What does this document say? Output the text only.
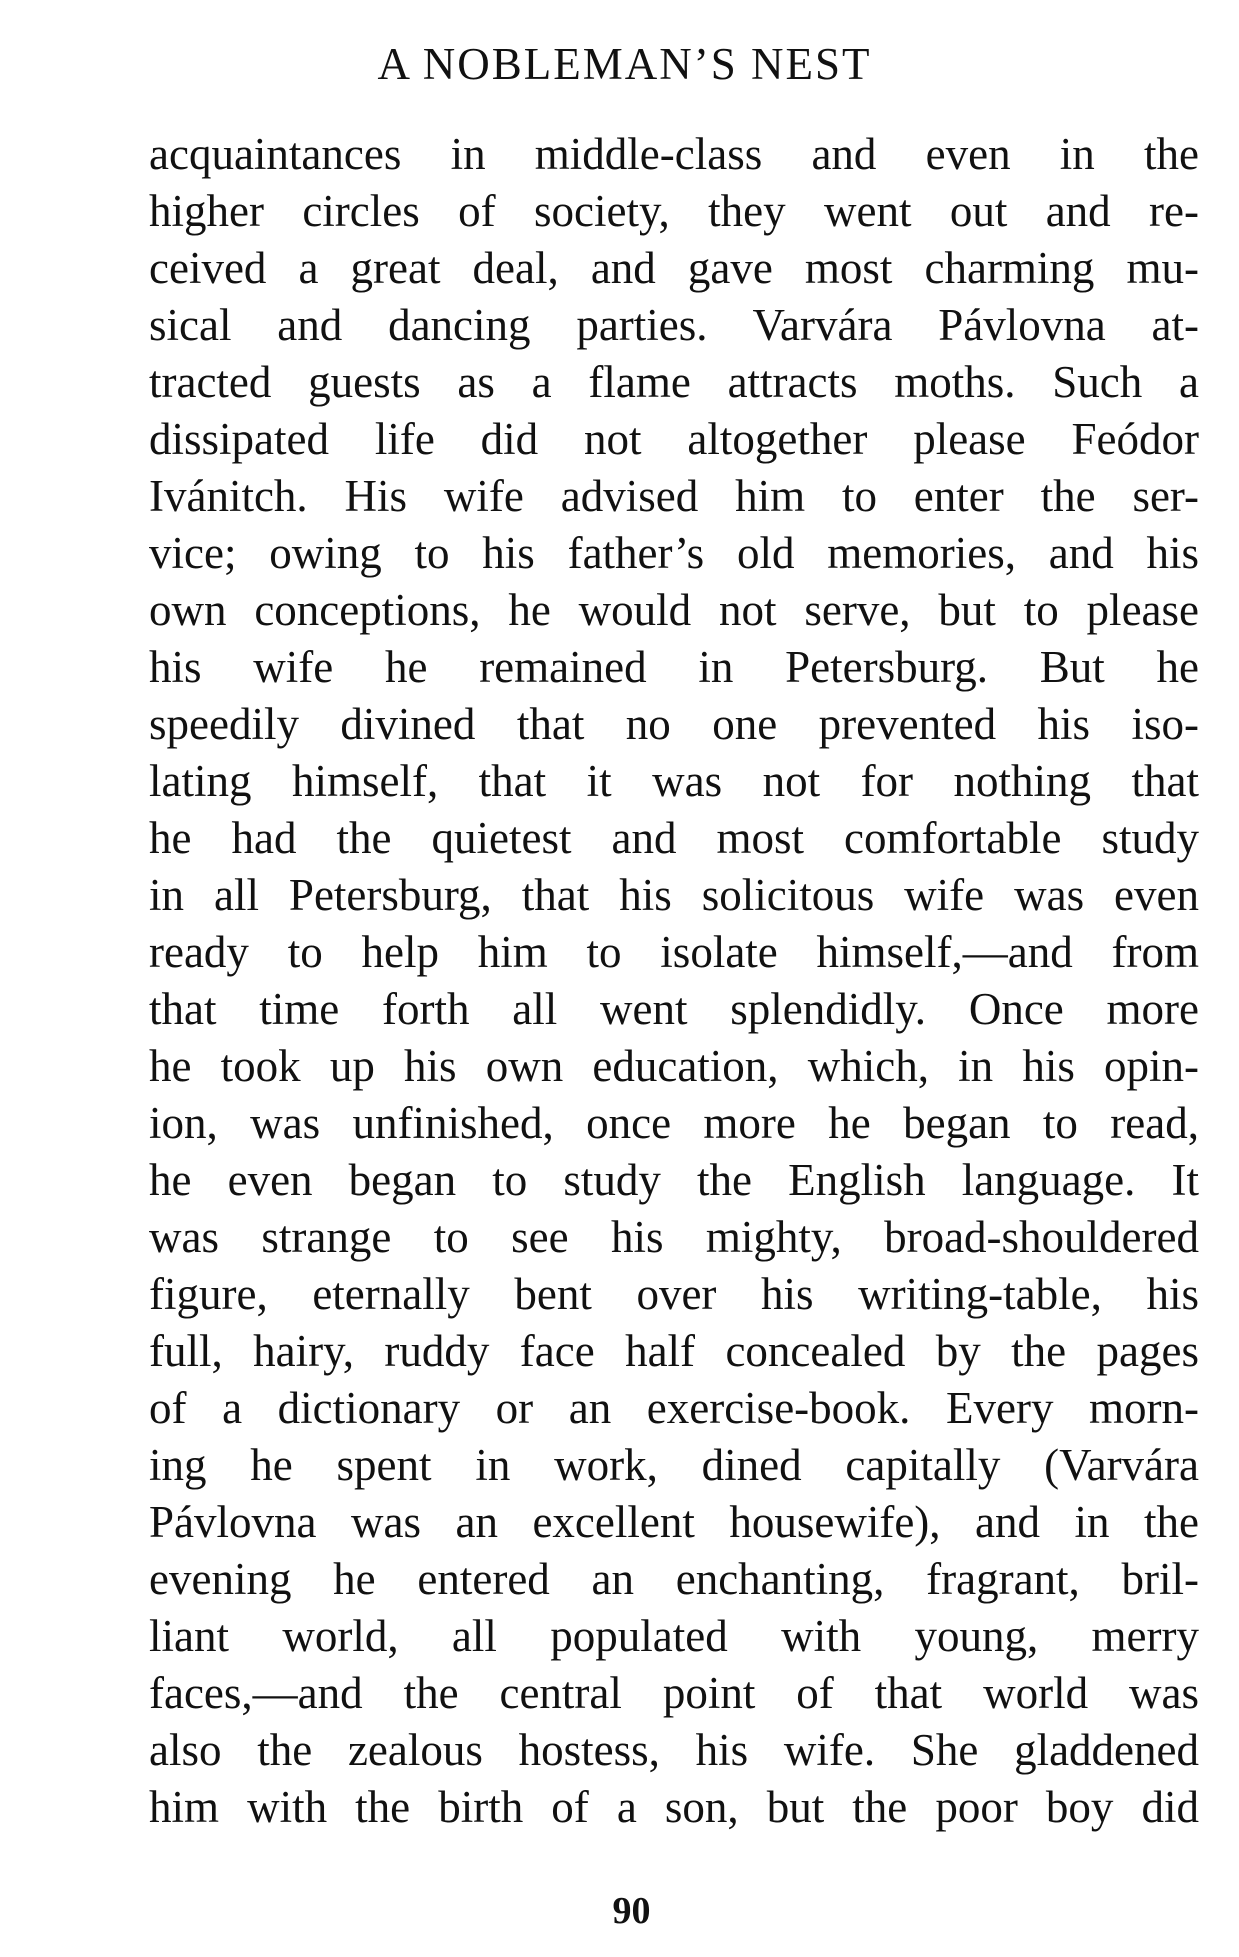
A NOBLEMAN’S NEST
acquaintances in middle-class and even in the
higher circles of society, they went out and re-
ceived a great deal, and gave most charming mu-
sical and dancing parties. Varvára Pávlovna at-
tracted guests as a flame attracts moths. Such a
dissipated life did not altogether please Feódor
Ivánitch. His wife advised him to enter the ser-
vice; owing to his father’s old memories, and his
own conceptions, he would not serve, but to please
his wife he remained in Petersburg. But he
speedily divined that no one prevented his iso-
lating himself, that it was not for nothing that
he had the quietest and most comfortable study
in all Petersburg, that his solicitous wife was even
ready to help him to isolate himself,—and from
that time forth all went splendidly. Once more
he took up his own education, which, in his opin-
ion, was unfinished, once more he began to read,
he even began to study the English language. It
was strange to see his mighty, broad-shouldered
figure, eternally bent over his writing-table, his
full, hairy, ruddy face half concealed by the pages
of a dictionary or an exercise-book. Every morn-
ing he spent in work, dined capitally (Varvára
Pávlovna was an excellent housewife), and in the
evening he entered an enchanting, fragrant, bril-
liant world, all populated with young, merry
faces,—and the central point of that world was
also the zealous hostess, his wife. She gladdened
him with the birth of a son, but the poor boy did
90
